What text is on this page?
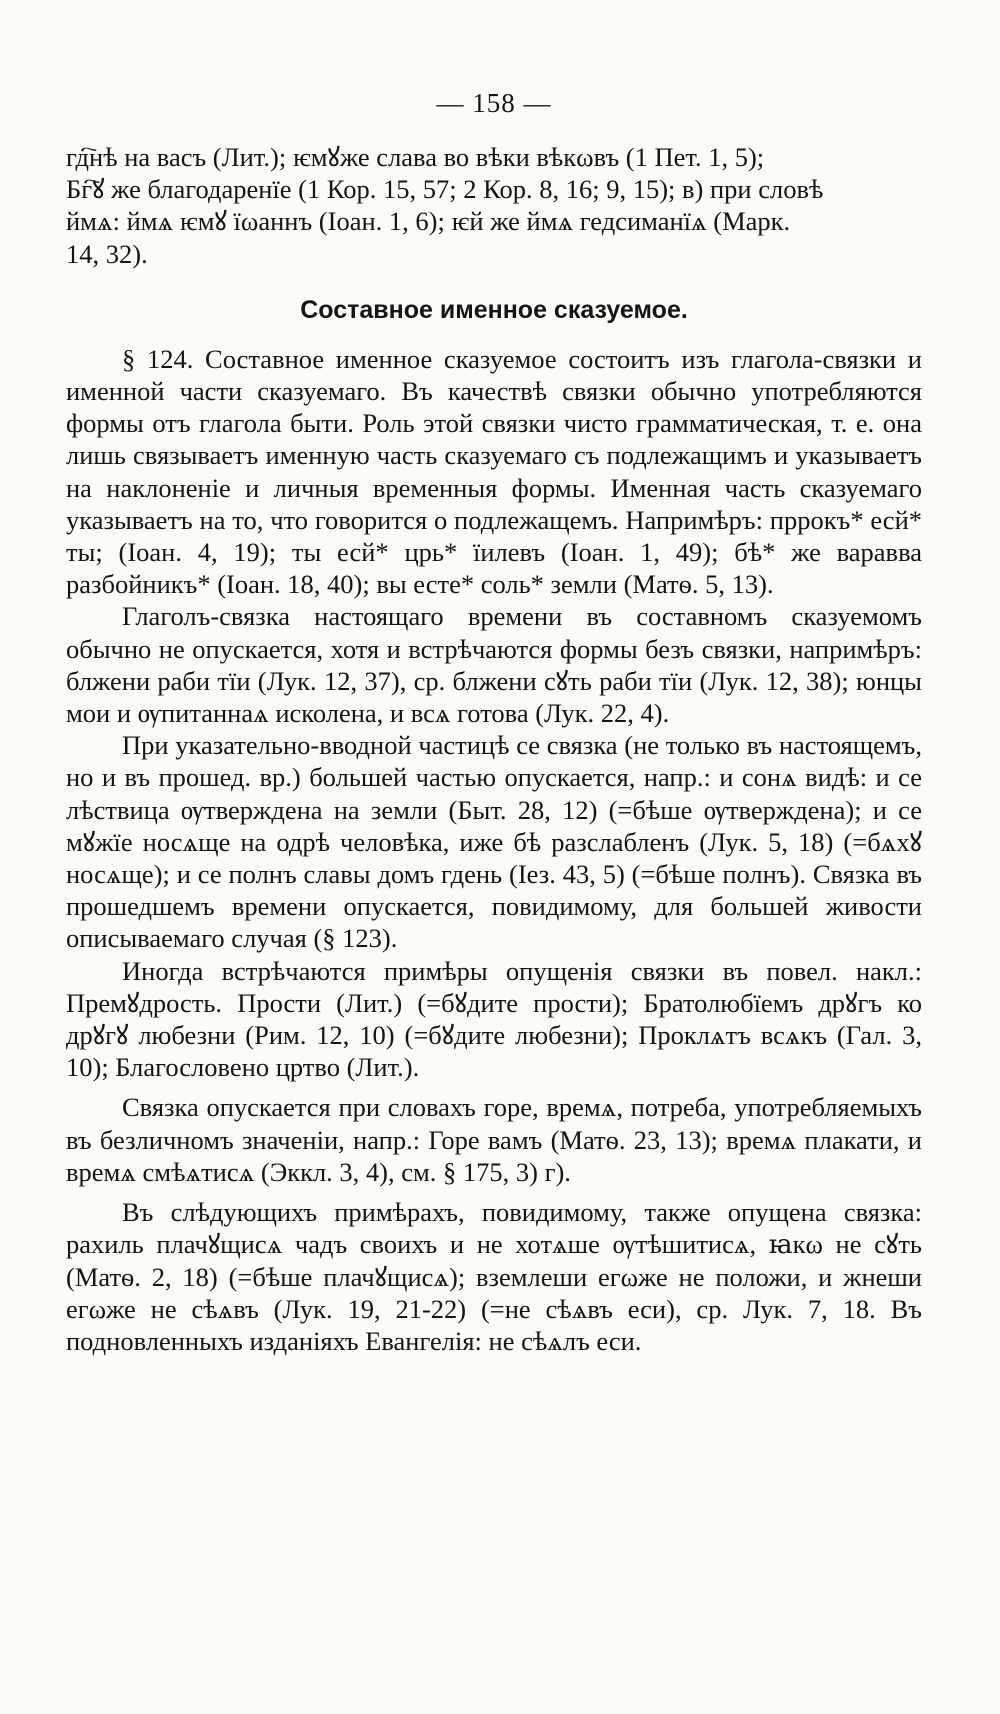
— 158 —

гд҇нѣ на васъ (Лит.); ѥмꙋже слава во вѣки вѣкωвъ (1 Пет. 1, 5);

Бг҇ꙋ же благодаренїе (1 Кор. 15, 57; 2 Кор. 8, 16; 9, 15); в) при словѣ

ймѧ: ймѧ ѥмꙋ ïωаннъ (Іоан. 1, 6); ѥй же ймѧ гедсиманïѧ (Марк.

14, 32).

Составное именное сказуемое.

§ 124. Составное именное сказуемое состоитъ изъ глагола-связки и именной части сказуемаго. Въ качествѣ связки обычно употребляются формы отъ глагола быти. Роль этой связки чисто грамматическая, т. е. она лишь связываетъ именную часть сказуемаго съ подлежащимъ и указываетъ на наклоненіе и личныя временныя формы. Именная часть сказуемаго указываетъ на то, что говорится о подлежащемъ. Напримѣръ: пррокъ* есй* ты; (Іоан. 4, 19); ты есй* црь* ïилевъ (Іоан. 1, 49); бѣ* же варавва разбойникъ* (Іоан. 18, 40); вы есте* соль* земли (Матѳ. 5, 13).

Глаголъ-связка настоящаго времени въ составномъ сказуемомъ обычно не опускается, хотя и встрѣчаются формы безъ связки, напримѣръ: блжени раби тïи (Лук. 12, 37), ср. блжени сꙋть раби тïи (Лук. 12, 38); юнцы мои и ѹпитаннаѧ исколена, и всѧ готова (Лук. 22, 4).

При указательно-вводной частицѣ се связка (не только въ настоящемъ, но и въ прошед. вр.) большей частью опускается, напр.: и сонѧ видѣ: и се лѣствица ѹтверждена на земли (Быт. 28, 12) (=бѣше ѹтверждена); и се мꙋжïе носѧще на одрѣ человѣка, иже бѣ разслабленъ (Лук. 5, 18) (=бѧхꙋ носѧще); и се полнъ славы домъ гдень (Іез. 43, 5) (=бѣше полнъ). Связка въ прошедшемъ времени опускается, повидимому, для большей живости описываемаго случая (§ 123).

Иногда встрѣчаются примѣры опущенія связки въ повел. накл.: Премꙋдрость. Прости (Лит.) (=бꙋдите прости); Братолюбïемъ дрꙋгъ ко дрꙋгꙋ любезни (Рим. 12, 10) (=бꙋдите любезни); Проклѧтъ всѧкъ (Гал. 3, 10); Благословено цртво (Лит.).

Связка опускается при словахъ горе, времѧ, потреба, употребляемыхъ въ безличномъ значеніи, напр.: Горе вамъ (Матѳ. 23, 13); времѧ плакати, и времѧ смѣѧтисѧ (Эккл. 3, 4), см. § 175, 3) г).

Въ слѣдующихъ примѣрахъ, повидимому, также опущена связка: рахиль плачꙋщисѧ чадъ своихъ и не хотѧше ѹтѣшитисѧ, ꙗкω не сꙋть (Матѳ. 2, 18) (=бѣше плачꙋщисѧ); вземлеши егωже не положи, и жнеши егωже не сѣѧвъ (Лук. 19, 21-22) (=не сѣѧвъ еси), ср. Лук. 7, 18. Въ подновленныхъ изданіяхъ Евангелія: не сѣѧлъ еси.
